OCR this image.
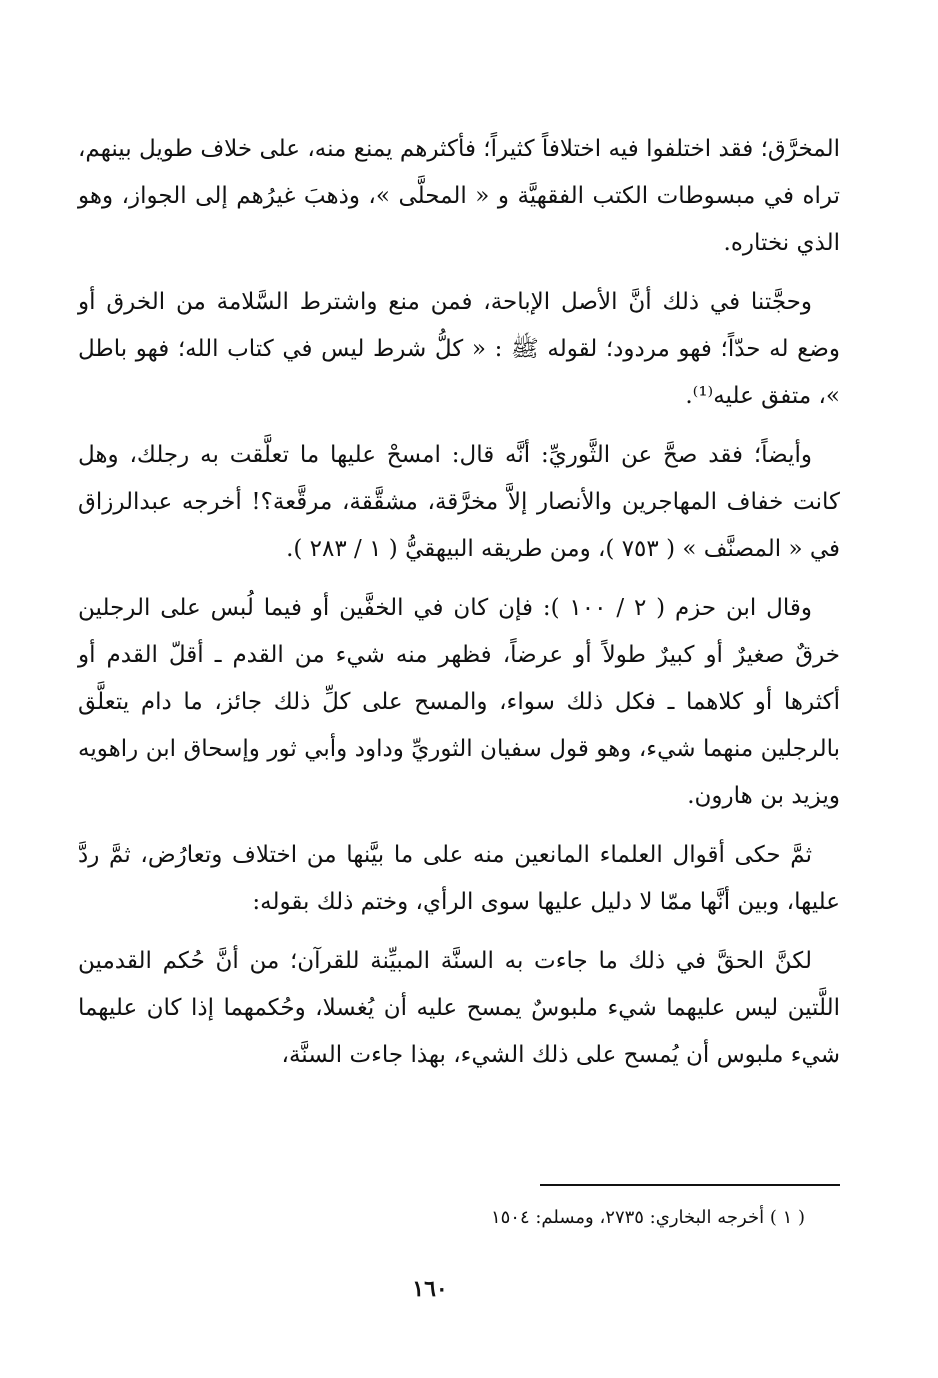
المخرَّق؛ فقد اختلفوا فيه اختلافاً كثيراً؛ فأكثرهم يمنع منه، على خلاف طويل بينهم، تراه في مبسوطات الكتب الفقهيَّة و « المحلَّى »، وذهبَ غيرُهم إلى الجواز، وهو الذي نختاره.

وحجَّتنا في ذلك أنَّ الأصل الإباحة، فمن منع واشترط السَّلامة من الخرق أو وضع له حدّاً؛ فهو مردود؛ لقوله ﷺ : « كلُّ شرط ليس في كتاب الله؛ فهو باطل »، متفق عليه⁽¹⁾.

وأيضاً؛ فقد صحَّ عن الثَّوريِّ: أنَّه قال: امسحْ عليها ما تعلَّقت به رجلك، وهل كانت خفاف المهاجرين والأنصار إلاَّ مخرَّقة، مشقَّقة، مرقَّعة؟! أخرجه عبدالرزاق في « المصنَّف » ( ٧٥٣ )، ومن طريقه البيهقيُّ ( ١ / ٢٨٣ ).

وقال ابن حزم ( ٢ / ١٠٠ ): فإن كان في الخفَّين أو فيما لُبس على الرجلين خرقٌ صغيرٌ أو كبيرٌ طولاً أو عرضاً، فظهر منه شيء من القدم ـ أقلّ القدم أو أكثرها أو كلاهما ـ فكل ذلك سواء، والمسح على كلِّ ذلك جائز، ما دام يتعلَّق بالرجلين منهما شيء، وهو قول سفيان الثوريِّ وداود وأبي ثور وإسحاق ابن راهويه ويزيد بن هارون.

ثمَّ حكى أقوال العلماء المانعين منه على ما بيَّنها من اختلاف وتعارُض، ثمَّ ردَّ عليها، وبين أنَّها ممّا لا دليل عليها سوى الرأي، وختم ذلك بقوله:

لكنَّ الحقَّ في ذلك ما جاءت به السنَّة المبيِّنة للقرآن؛ من أنَّ حُكم القدمين اللَّتين ليس عليهما شيء ملبوسٌ يمسح عليه أن يُغسلا، وحُكمهما إذا كان عليهما شيء ملبوس أن يُمسح على ذلك الشيء، بهذا جاءت السنَّة،

( ١ ) أخرجه البخاري: ٢٧٣٥، ومسلم: ١٥٠٤
١٦٠
